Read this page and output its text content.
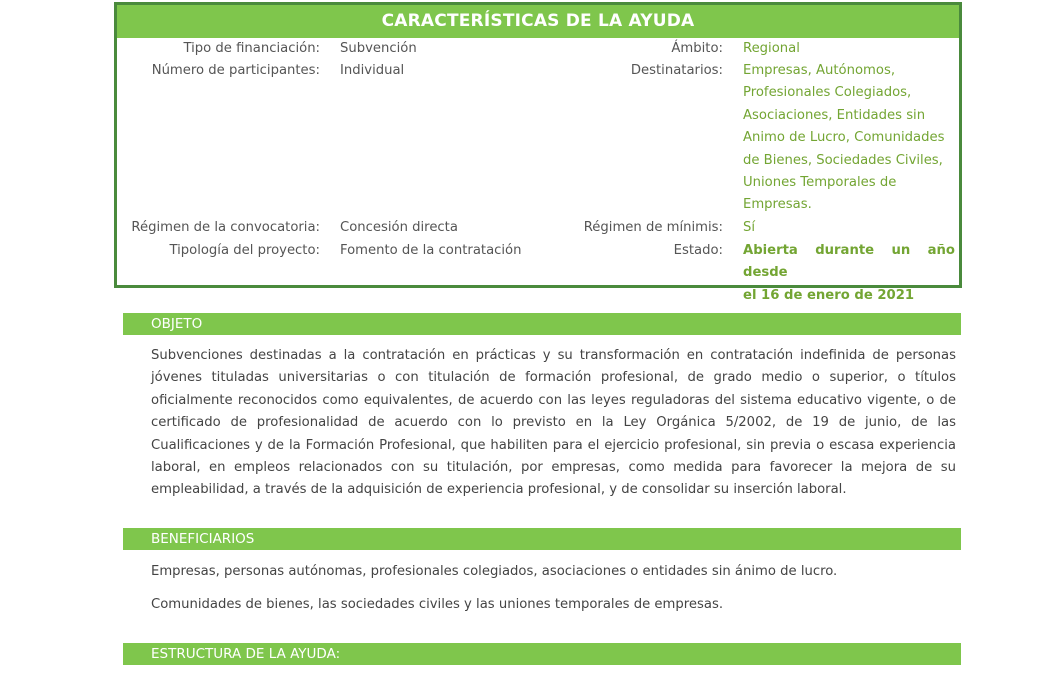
CARACTERÍSTICAS DE LA AYUDA
Tipo de financiación: Subvención	Ámbito: Regional
Número de participantes: Individual	Destinatarios: Empresas, Autónomos,
Profesionales Colegiados,
Asociaciones, Entidades sin
Animo de Lucro, Comunidades
de Bienes, Sociedades Civiles,
Uniones Temporales de
Empresas.
Régimen de la convocatoria: Concesión directa	Régimen de mínimis: Sí
Tipología del proyecto: Fomento de la contratación	Estado: Abierta durante un año desde
el 16 de enero de 2021
OBJETO
Subvenciones destinadas a la contratación en prácticas y su transformación en contratación indefinida de personas jóvenes tituladas universitarias o con titulación de formación profesional, de grado medio o superior, o títulos oficialmente reconocidos como equivalentes, de acuerdo con las leyes reguladoras del sistema educativo vigente, o de certificado de profesionalidad de acuerdo con lo previsto en la Ley Orgánica 5/2002, de 19 de junio, de las Cualificaciones y de la Formación Profesional, que habiliten para el ejercicio profesional, sin previa o escasa experiencia laboral, en empleos relacionados con su titulación, por empresas, como medida para favorecer la mejora de su empleabilidad, a través de la adquisición de experiencia profesional, y de consolidar su inserción laboral.
BENEFICIARIOS
Empresas, personas autónomas, profesionales colegiados, asociaciones o entidades sin ánimo de lucro.
Comunidades de bienes, las sociedades civiles y las uniones temporales de empresas.
ESTRUCTURA DE LA AYUDA:
